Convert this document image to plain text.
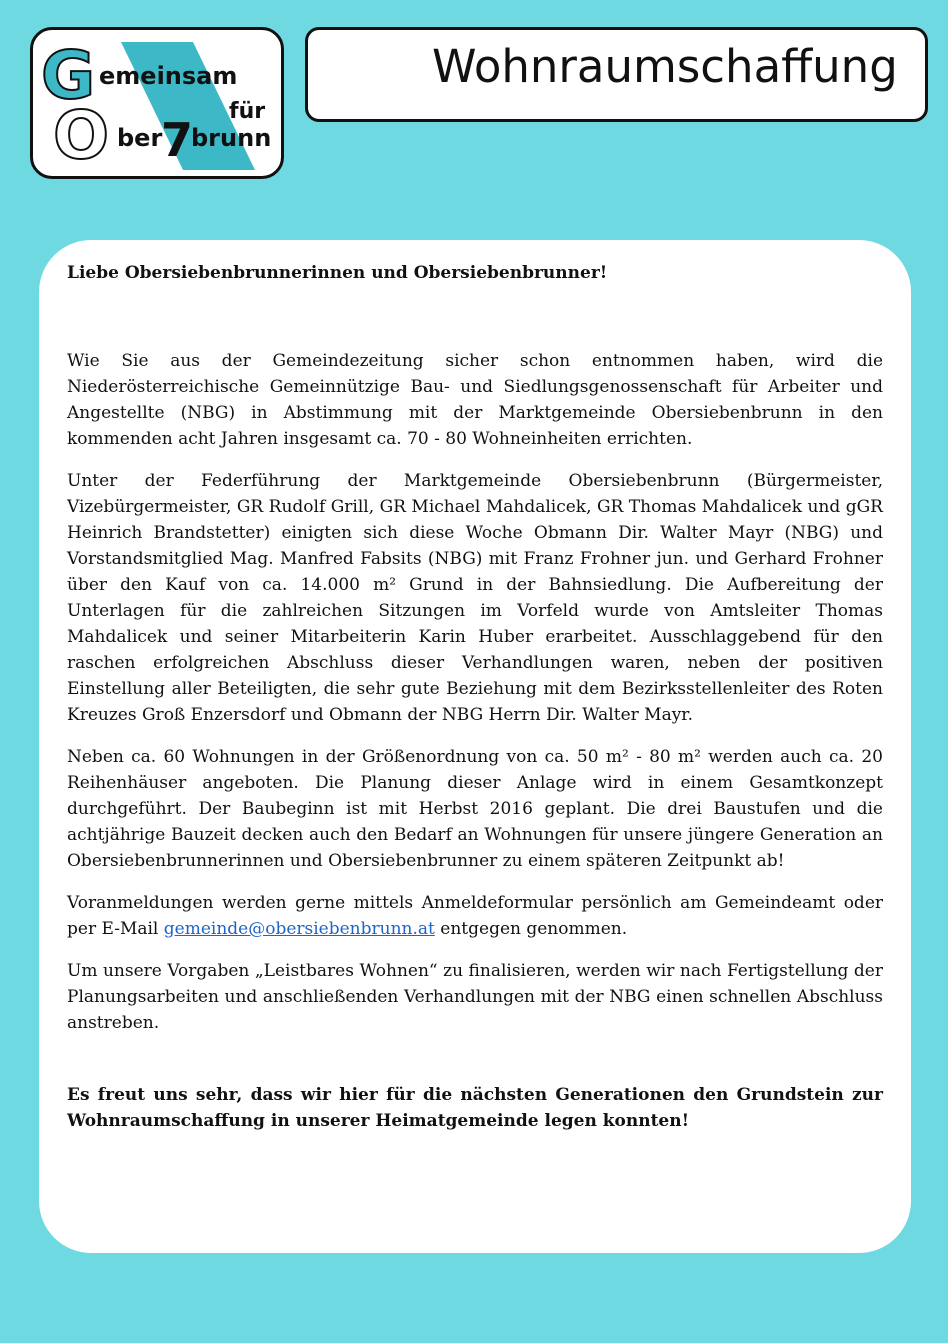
G
O
emeinsam
für
ber
7
brunn
Wohnraumschaffung

Liebe Obersiebenbrunnerinnen und Obersiebenbrunner!

Wie Sie aus der Gemeindezeitung sicher schon entnommen haben, wird die Niederösterreichische Gemeinnützige Bau- und Siedlungsgenossenschaft für Arbeiter und Angestellte (NBG) in Abstimmung mit der Marktgemeinde Obersiebenbrunn in den kommenden acht Jahren insgesamt ca. 70 - 80 Wohneinheiten errichten.

Unter der Federführung der Marktgemeinde Obersiebenbrunn (Bürgermeister, Vizebürgermeister, GR Rudolf Grill, GR Michael Mahdalicek, GR Thomas Mahdalicek und gGR Heinrich Brandstetter) einigten sich diese Woche Obmann Dir. Walter Mayr (NBG) und Vorstandsmitglied Mag. Manfred Fabsits (NBG) mit Franz Frohner jun. und Gerhard Frohner über den Kauf von ca. 14.000 m² Grund in der Bahnsiedlung. Die Aufbereitung der Unterlagen für die zahlreichen Sitzungen im Vorfeld wurde von Amtsleiter Thomas Mahdalicek und seiner Mitarbeiterin Karin Huber erarbeitet. Ausschlaggebend für den raschen erfolgreichen Abschluss dieser Verhandlungen waren, neben der positiven Einstellung aller Beteiligten, die sehr gute Beziehung mit dem Bezirksstellenleiter des Roten Kreuzes Groß Enzersdorf und Obmann der NBG Herrn Dir. Walter Mayr.

Neben ca. 60 Wohnungen in der Größenordnung von ca. 50 m² - 80 m² werden auch ca. 20 Reihenhäuser angeboten. Die Planung dieser Anlage wird in einem Gesamtkonzept durchgeführt. Der Baubeginn ist mit Herbst 2016 geplant. Die drei Baustufen und die achtjährige Bauzeit decken auch den Bedarf an Wohnungen für unsere jüngere Generation an Obersiebenbrunnerinnen und Obersiebenbrunner zu einem späteren Zeitpunkt ab!

Voranmeldungen werden gerne mittels Anmeldeformular persönlich am Gemeindeamt oder per E-Mail gemeinde@obersiebenbrunn.at entgegen genommen.

Um unsere Vorgaben „Leistbares Wohnen“ zu finalisieren, werden wir nach Fertigstellung der Planungsarbeiten und anschließenden Verhandlungen mit der NBG einen schnellen Abschluss anstreben.

Es freut uns sehr, dass wir hier für die nächsten Generationen den Grundstein zur Wohnraumschaffung in unserer Heimatgemeinde legen konnten!
